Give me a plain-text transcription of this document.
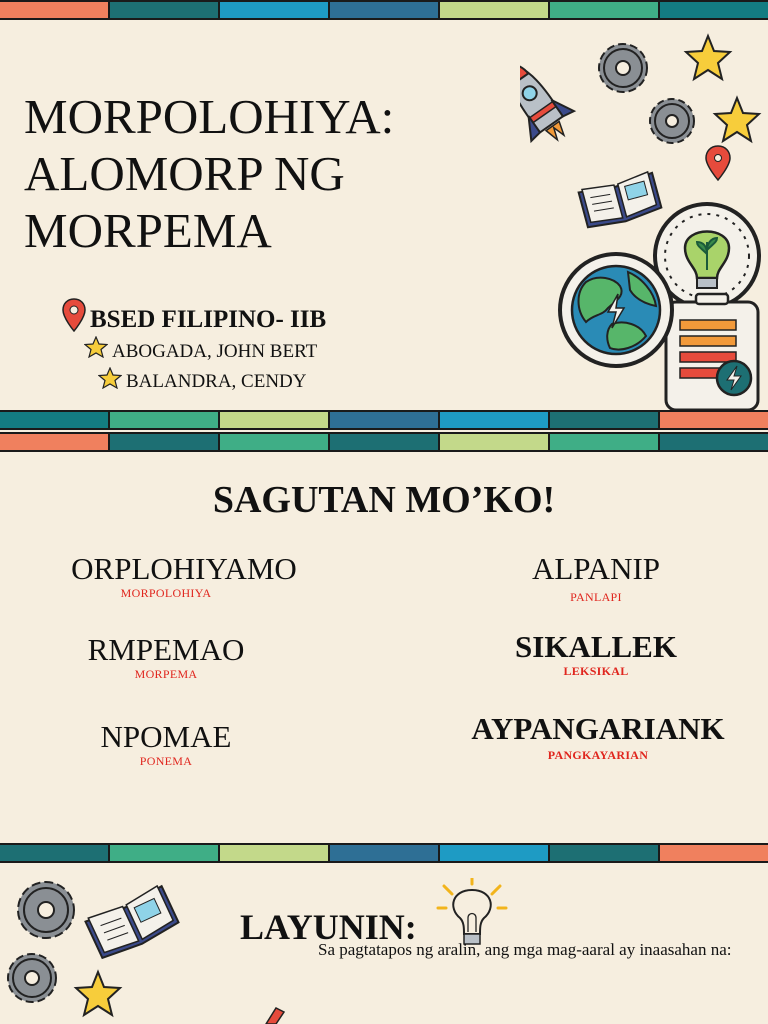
MORPOLOHIYA:
ALOMORP NG
MORPEMA
BSED FILIPINO- IIB
ABOGADA, JOHN BERT
BALANDRA, CENDY
SAGUTAN MO’KO!
ORPLOHIYAMO
MORPOLOHIYA
ALPANIP
PANLAPI
RMPEMAO
MORPEMA
SIKALLEK
LEKSIKAL
NPOMAE
PONEMA
AYPANGARIANK
PANGKAYARIAN
LAYUNIN:
Sa pagtatapos ng aralin, ang mga mag-aaral ay inaasahan na:
